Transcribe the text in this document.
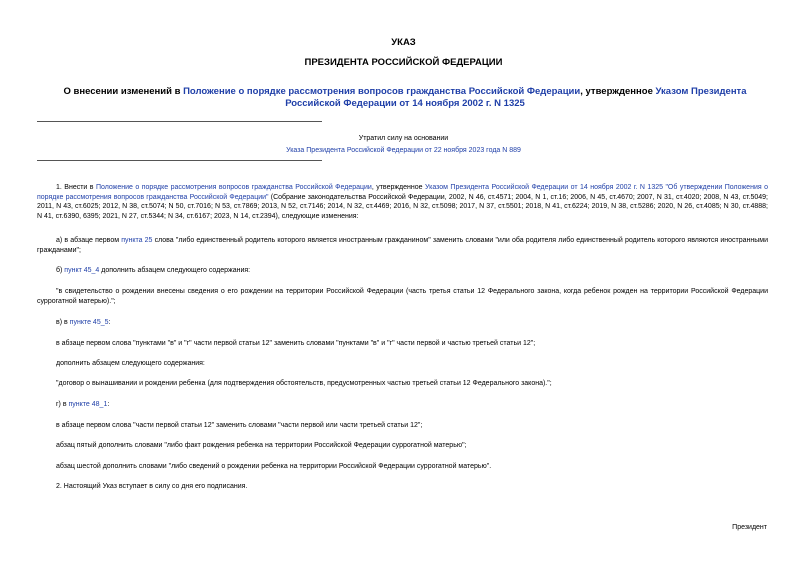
УКАЗ
ПРЕЗИДЕНТА РОССИЙСКОЙ ФЕДЕРАЦИИ
О внесении изменений в Положение о порядке рассмотрения вопросов гражданства Российской Федерации, утвержденное Указом Президента Российской Федерации от 14 ноября 2002 г. N 1325
Утратил силу на основании
Указа Президента Российской Федерации от 22 ноября 2023 года N 889
1. Внести в Положение о порядке рассмотрения вопросов гражданства Российской Федерации, утвержденное Указом Президента Российской Федерации от 14 ноября 2002 г. N 1325 "Об утверждении Положения о порядке рассмотрения вопросов гражданства Российской Федерации" (Собрание законодательства Российской Федерации, 2002, N 46, ст.4571; 2004, N 1, ст.16; 2006, N 45, ст.4670; 2007, N 31, ст.4020; 2008, N 43, ст.5049; 2011, N 43, ст.6025; 2012, N 38, ст.5074; N 50, ст.7016; N 53, ст.7869; 2013, N 52, ст.7146; 2014, N 32, ст.4469; 2016, N 32, ст.5098; 2017, N 37, ст.5501; 2018, N 41, ст.6224; 2019, N 38, ст.5286; 2020, N 26, ст.4085; N 30, ст.4888; N 41, ст.6390, 6395; 2021, N 27, ст.5344; N 34, ст.6167; 2023, N 14, ст.2394), следующие изменения:
а) в абзаце первом пункта 25 слова "либо единственный родитель которого является иностранным гражданином" заменить словами "или оба родителя либо единственный родитель которого являются иностранными гражданами";
б) пункт 45_4 дополнить абзацем следующего содержания:
"в свидетельство о рождении внесены сведения о его рождении на территории Российской Федерации (часть третья статьи 12 Федерального закона, когда ребенок рожден на территории Российской Федерации суррогатной матерью).";
в) в пункте 45_5:
в абзаце первом слова "пунктами "в" и "г" части первой статьи 12" заменить словами "пунктами "в" и "г" части первой и частью третьей статьи 12";
дополнить абзацем следующего содержания:
"договор о вынашивании и рождении ребенка (для подтверждения обстоятельств, предусмотренных частью третьей статьи 12 Федерального закона).";
г) в пункте 48_1:
в абзаце первом слова "части первой статьи 12" заменить словами "части первой или части третьей статьи 12";
абзац пятый дополнить словами "либо факт рождения ребенка на территории Российской Федерации суррогатной матерью";
абзац шестой дополнить словами "либо сведений о рождении ребенка на территории Российской Федерации суррогатной матерью".
2. Настоящий Указ вступает в силу со дня его подписания.
Президент
